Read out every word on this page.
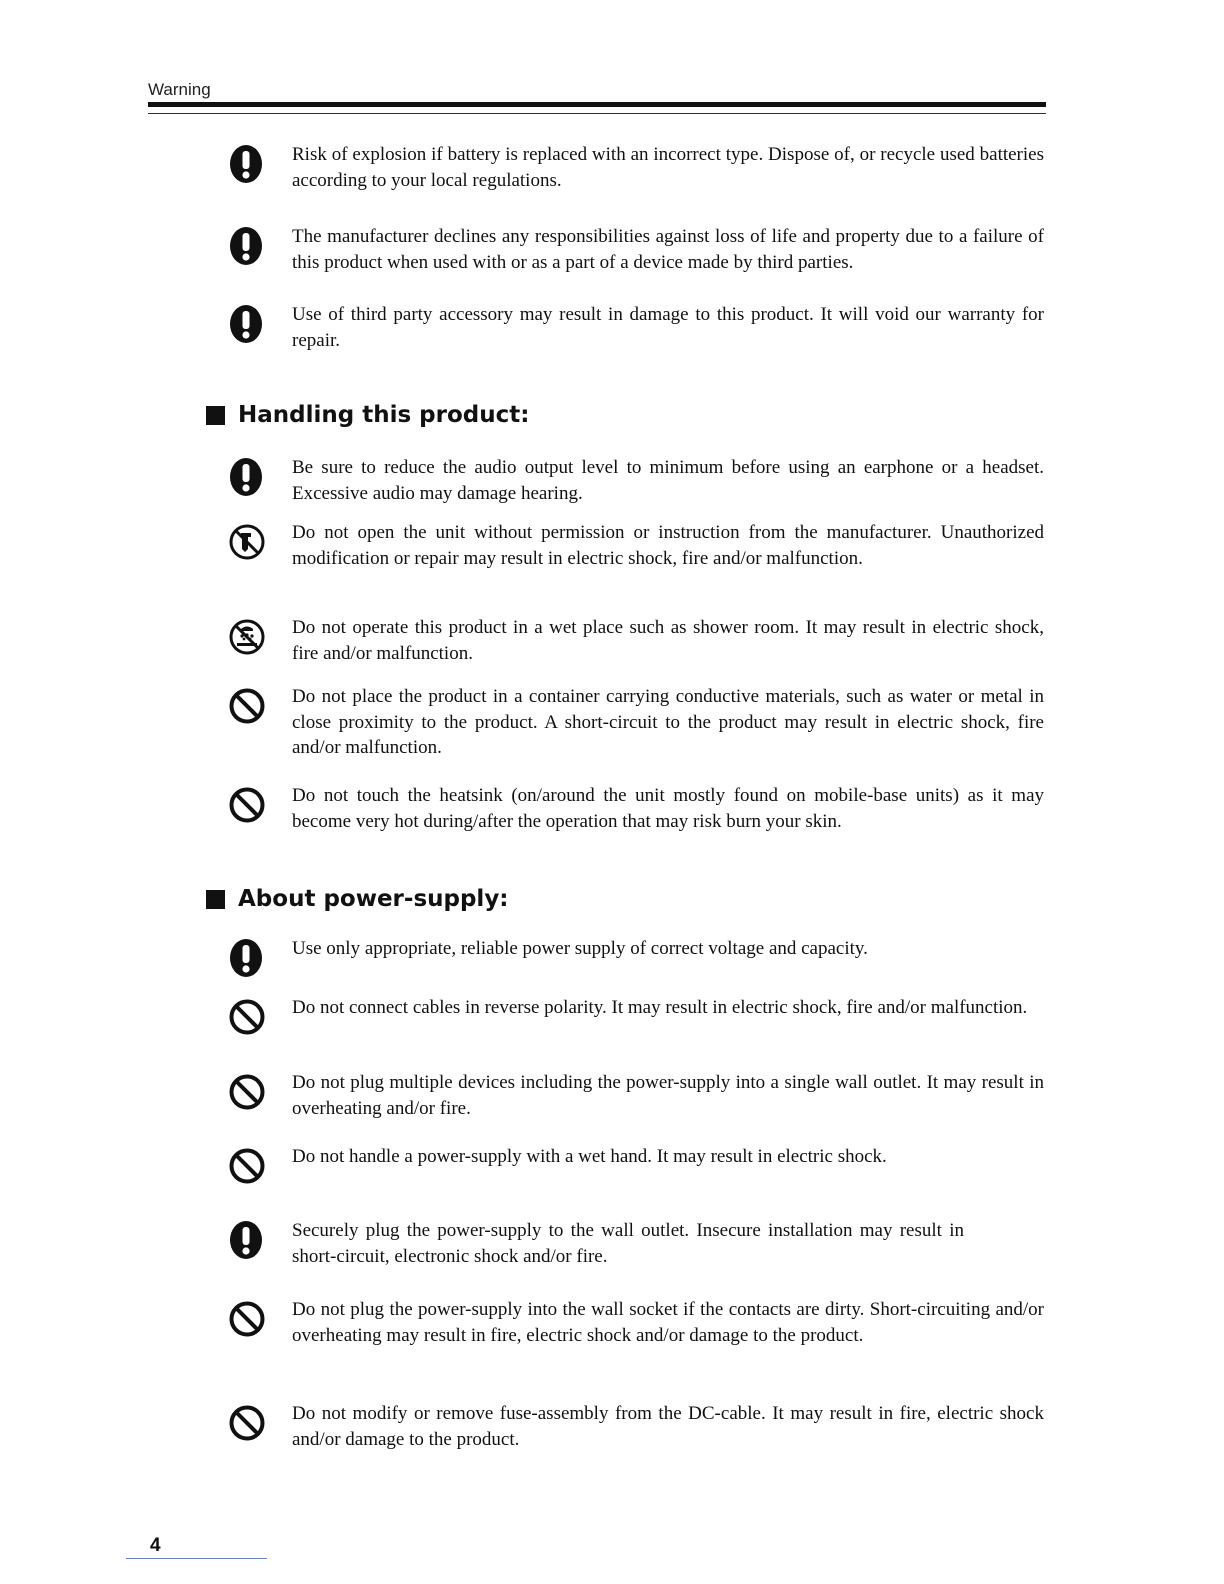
Warning
Risk of explosion if battery is replaced with an incorrect type. Dispose of, or recycle used batteries according to your local regulations.
The manufacturer declines any responsibilities against loss of life and property due to a failure of this product when used with or as a part of a device made by third parties.
Use of third party accessory may result in damage to this product. It will void our warranty for repair.
Handling this product:
Be sure to reduce the audio output level to minimum before using an earphone or a headset. Excessive audio may damage hearing.
Do not open the unit without permission or instruction from the manufacturer. Unauthorized modification or repair may result in electric shock, fire and/or malfunction.
Do not operate this product in a wet place such as shower room. It may result in electric shock, fire and/or malfunction.
Do not place the product in a container carrying conductive materials, such as water or metal in close proximity to the product. A short-circuit to the product may result in electric shock, fire and/or malfunction.
Do not touch the heatsink (on/around the unit mostly found on mobile-base units) as it may become very hot during/after the operation that may risk burn your skin.
About power-supply:
Use only appropriate, reliable power supply of correct voltage and capacity.
Do not connect cables in reverse polarity. It may result in electric shock, fire and/or malfunction.
Do not plug multiple devices including the power-supply into a single wall outlet. It may result in overheating and/or fire.
Do not handle a power-supply with a wet hand. It may result in electric shock.
Securely plug the power-supply to the wall outlet. Insecure installation may result in short-circuit, electronic shock and/or fire.
Do not plug the power-supply into the wall socket if the contacts are dirty. Short-circuiting and/or overheating may result in fire, electric shock and/or damage to the product.
Do not modify or remove fuse-assembly from the DC-cable. It may result in fire, electric shock and/or damage to the product.
4
